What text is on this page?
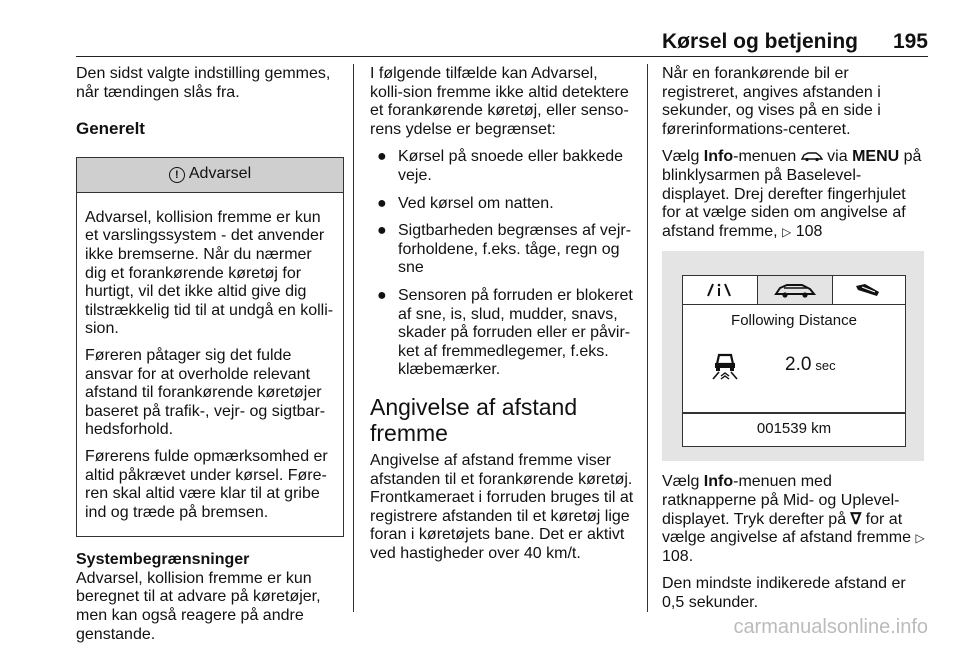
Kørsel og betjening	195

Den sidst valgte indstilling gemmes, når tændingen slås fra.

Generelt
! Advarsel

Advarsel, kollision fremme er kun et varslingssystem - det anvender ikke bremserne. Når du nærmer dig et forankørende køretøj for hurtigt, vil det ikke altid give dig tilstrækkelig tid til at undgå en kolli-sion.

Føreren påtager sig det fulde ansvar for at overholde relevant afstand til forankørende køretøjer baseret på trafik-, vejr- og sigtbar-hedsforhold.

Førerens fulde opmærksomhed er altid påkrævet under kørsel. Føre-ren skal altid være klar til at gribe ind og træde på bremsen.

Systembegrænsninger

Advarsel, kollision fremme er kun beregnet til at advare på køretøjer, men kan også reagere på andre genstande.

I følgende tilfælde kan Advarsel, kolli-sion fremme ikke altid detektere et forankørende køretøj, eller senso-rens ydelse er begrænset:

● Kørsel på snoede eller bakkede veje.
● Ved kørsel om natten.
● Sigtbarheden begrænses af vejr-forholdene, f.eks. tåge, regn og sne
● Sensoren på forruden er blokeret af sne, is, slud, mudder, snavs, skader på forruden eller er påvir-ket af fremmedlegemer, f.eks. klæbemærker.
Angivelse af afstand fremme

Angivelse af afstand fremme viser afstanden til et forankørende køretøj. Frontkameraet i forruden bruges til at registrere afstanden til et køretøj lige foran i køretøjets bane. Det er aktivt ved hastigheder over 40 km/t.

Når en forankørende bil er registreret, angives afstanden i sekunder, og vises på en side i førerinformations-centeret.

Vælg Info-menuen  via MENU på blinklysarmen på Baselevel-displayet. Drej derefter fingerhjulet for at vælge siden om angivelse af afstand fremme, ▷ 108

Following Distance
2.0 sec
001539 km

Vælg Info-menuen med ratknapperne på Mid- og Uplevel-displayet. Tryk derefter på ∇ for at vælge angivelse af afstand fremme ▷ 108.

Den mindste indikerede afstand er 0,5 sekunder.

carmanualsonline.info
